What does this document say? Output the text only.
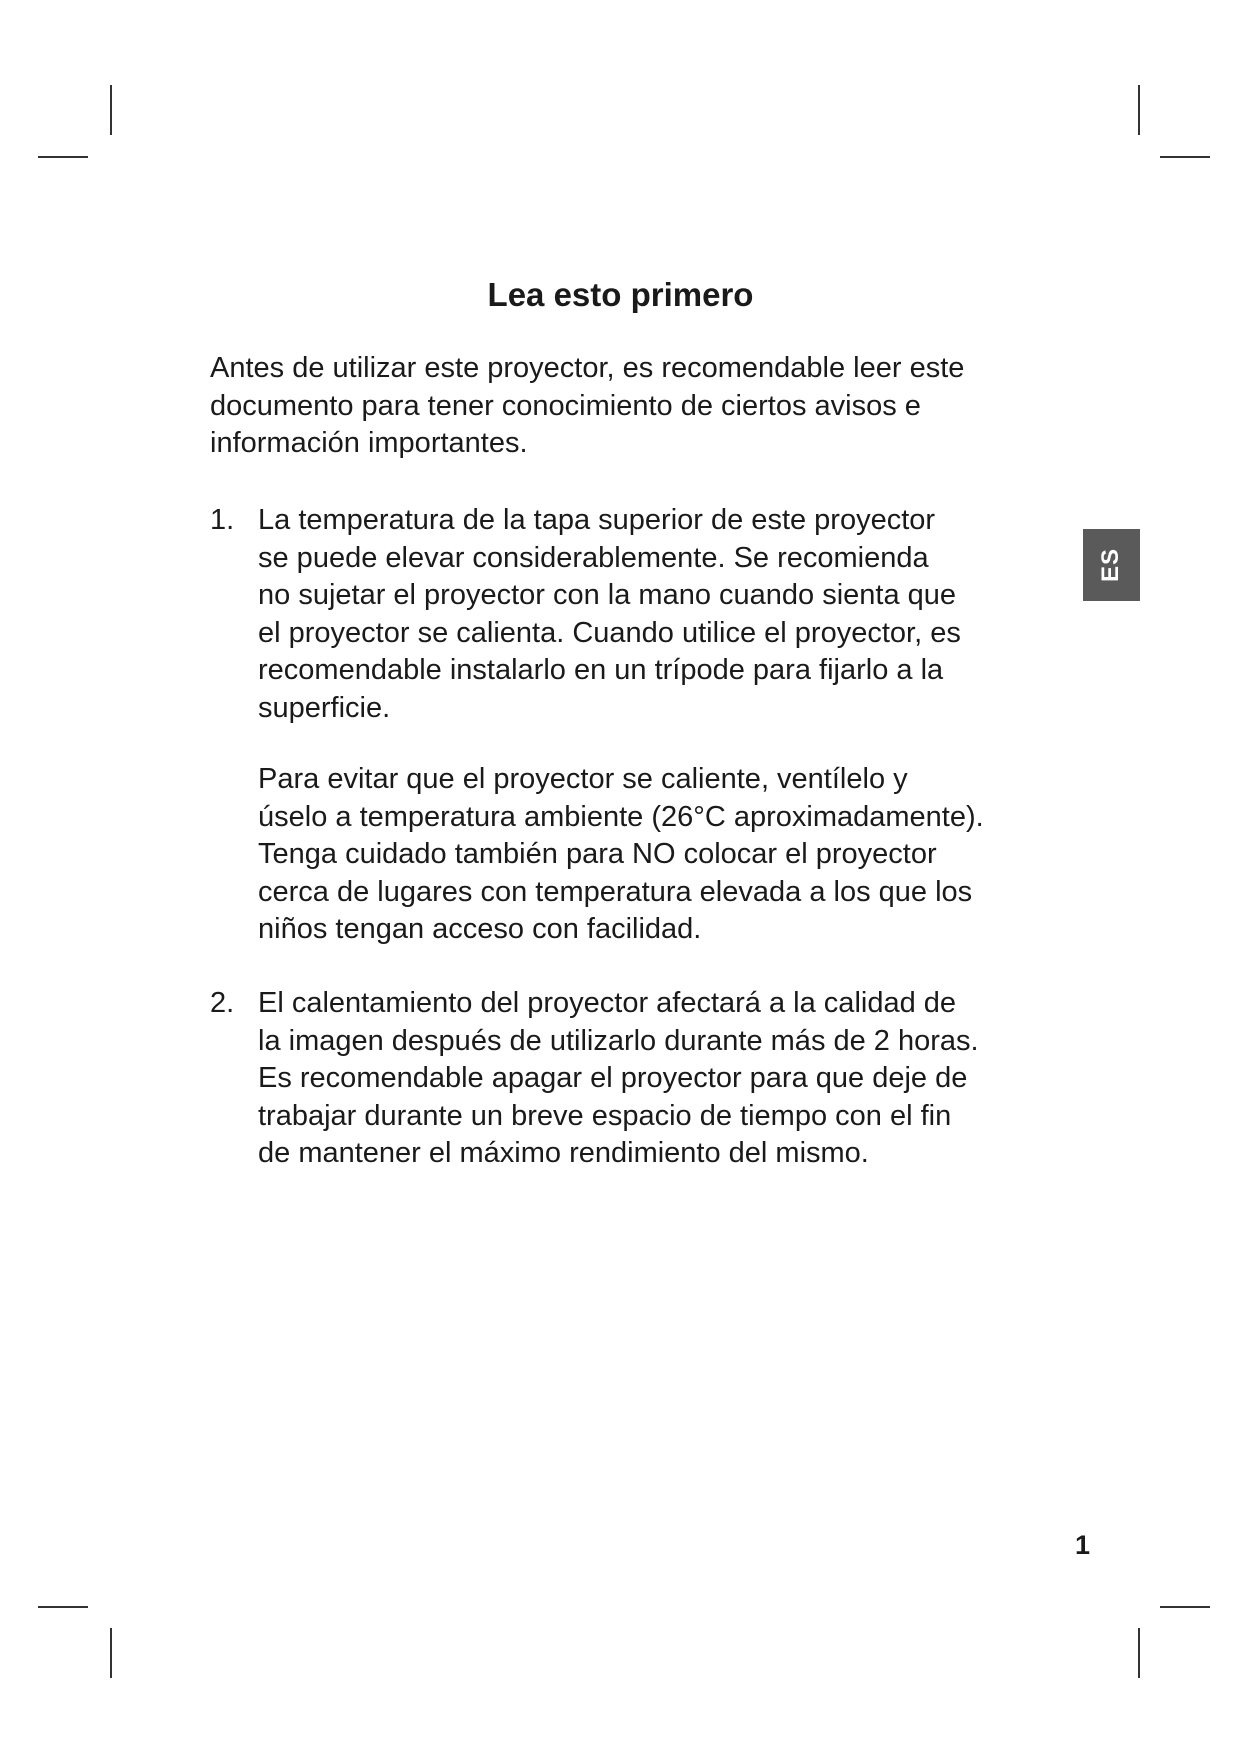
Lea esto primero
Antes de utilizar este proyector, es recomendable leer este
documento para tener conocimiento de ciertos avisos e
información importantes.
1. La temperatura de la tapa superior de este proyector
se puede elevar considerablemente. Se recomienda
no sujetar el proyector con la mano cuando sienta que
el proyector se calienta. Cuando utilice el proyector, es
recomendable instalarlo en un trípode para fijarlo a la
superficie.
Para evitar que el proyector se caliente, ventílelo y
úselo a temperatura ambiente (26°C aproximadamente).
Tenga cuidado también para NO colocar el proyector
cerca de lugares con temperatura elevada a los que los
niños tengan acceso con facilidad.
2. El calentamiento del proyector afectará a la calidad de
la imagen después de utilizarlo durante más de 2 horas.
Es recomendable apagar el proyector para que deje de
trabajar durante un breve espacio de tiempo con el fin
de mantener el máximo rendimiento del mismo.
ES
1
